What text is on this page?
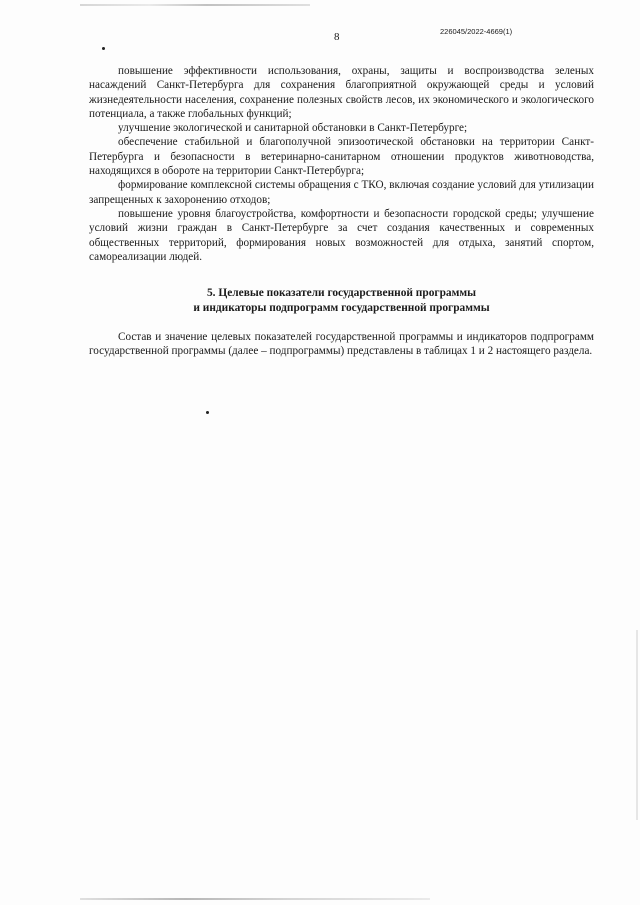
8	226045/2022-4669(1)

повышение эффективности использования, охраны, защиты и воспроизводства зеленых насаждений Санкт-Петербурга для сохранения благоприятной окружающей среды и условий жизнедеятельности населения, сохранение полезных свойств лесов, их экономического и экологического потенциала, а также глобальных функций;

улучшение экологической и санитарной обстановки в Санкт-Петербурге;

обеспечение стабильной и благополучной эпизоотической обстановки на территории Санкт-Петербурга и безопасности в ветеринарно-санитарном отношении продуктов животноводства, находящихся в обороте на территории Санкт-Петербурга;

формирование комплексной системы обращения с ТКО, включая создание условий для утилизации запрещенных к захоронению отходов;

повышение уровня благоустройства, комфортности и безопасности городской среды; улучшение условий жизни граждан в Санкт-Петербурге за счет создания качественных и современных общественных территорий, формирования новых возможностей для отдыха, занятий спортом, самореализации людей.

5. Целевые показатели государственной программы
и индикаторы подпрограмм государственной программы

Состав и значение целевых показателей государственной программы и индикаторов подпрограмм государственной программы (далее – подпрограммы) представлены в таблицах 1 и 2 настоящего раздела.
